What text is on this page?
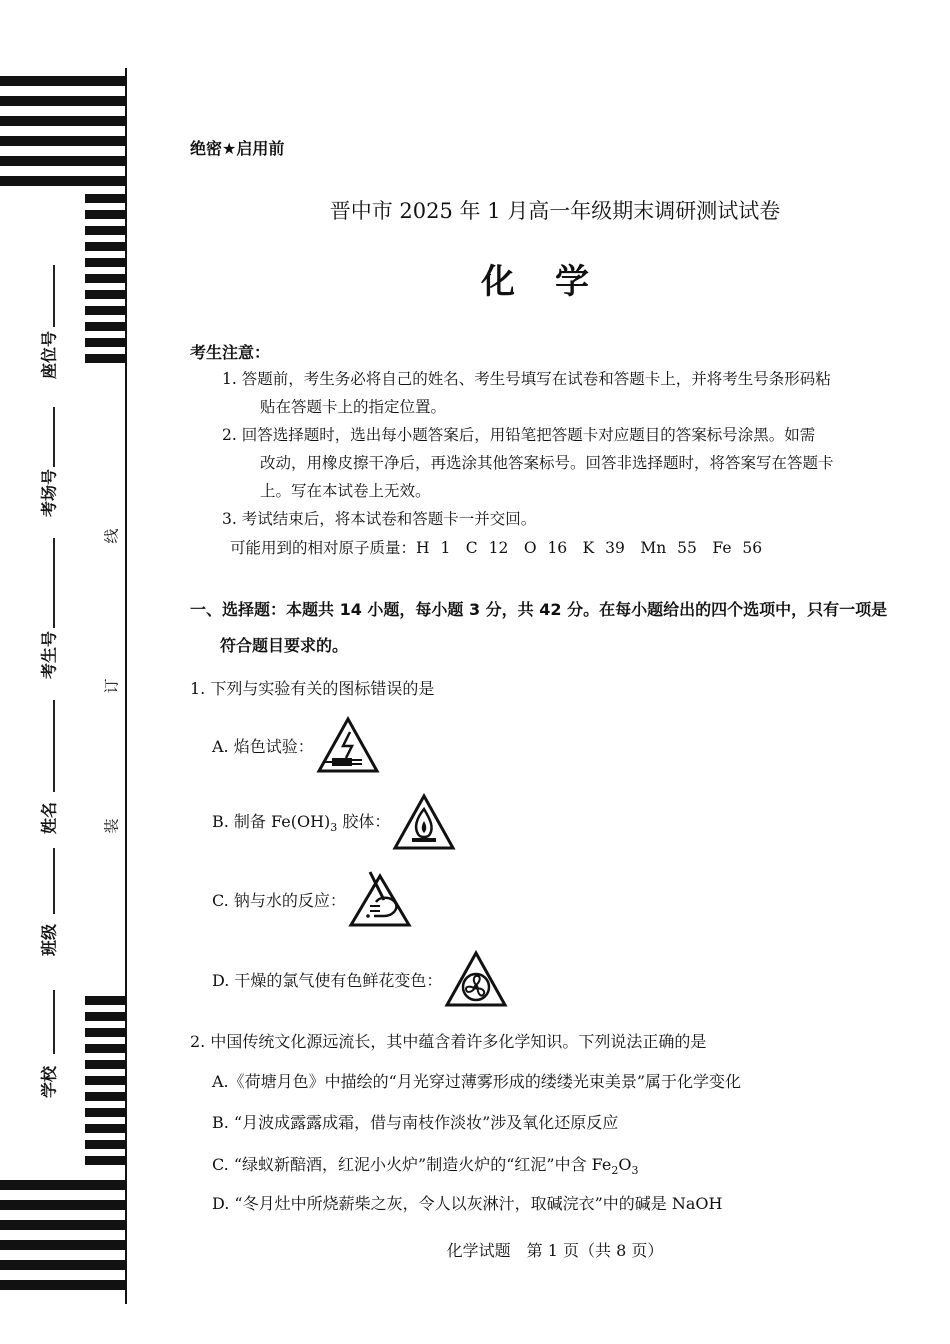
座位号
考场号
考生号
姓名
班级
学校
线
订
装
绝密★启用前
晋中市 2025 年 1 月高一年级期末调研测试试卷
化学
考生注意：
1. 答题前，考生务必将自己的姓名、考生号填写在试卷和答题卡上，并将考生号条形码粘
贴在答题卡上的指定位置。
2. 回答选择题时，选出每小题答案后，用铅笔把答题卡对应题目的答案标号涂黑。如需
改动，用橡皮擦干净后，再选涂其他答案标号。回答非选择题时，将答案写在答题卡
上。写在本试卷上无效。
3. 考试结束后，将本试卷和答题卡一并交回。
可能用到的相对原子质量：H 1　C 12　O 16　K 39　Mn 55　Fe 56
一、选择题：本题共 14 小题，每小题 3 分，共 42 分。在每小题给出的四个选项中，只有一项是
符合题目要求的。
1. 下列与实验有关的图标错误的是
A. 焰色试验：
B. 制备 $Fe(OH)_3$ 胶体：
C. 钠与水的反应：
D. 干燥的氯气使有色鲜花变色：
2. 中国传统文化源远流长，其中蕴含着许多化学知识。下列说法正确的是
A.《荷塘月色》中描绘的“月光穿过薄雾形成的缕缕光束美景”属于化学变化
B. “月波成露露成霜，借与南枝作淡妆”涉及氧化还原反应
C. “绿蚁新醅酒，红泥小火炉”制造火炉的“红泥”中含 $Fe_2O_3$
D. “冬月灶中所烧薪柴之灰，令人以灰淋汁，取碱浣衣”中的碱是 NaOH
化学试题　第 1 页（共 8 页）
